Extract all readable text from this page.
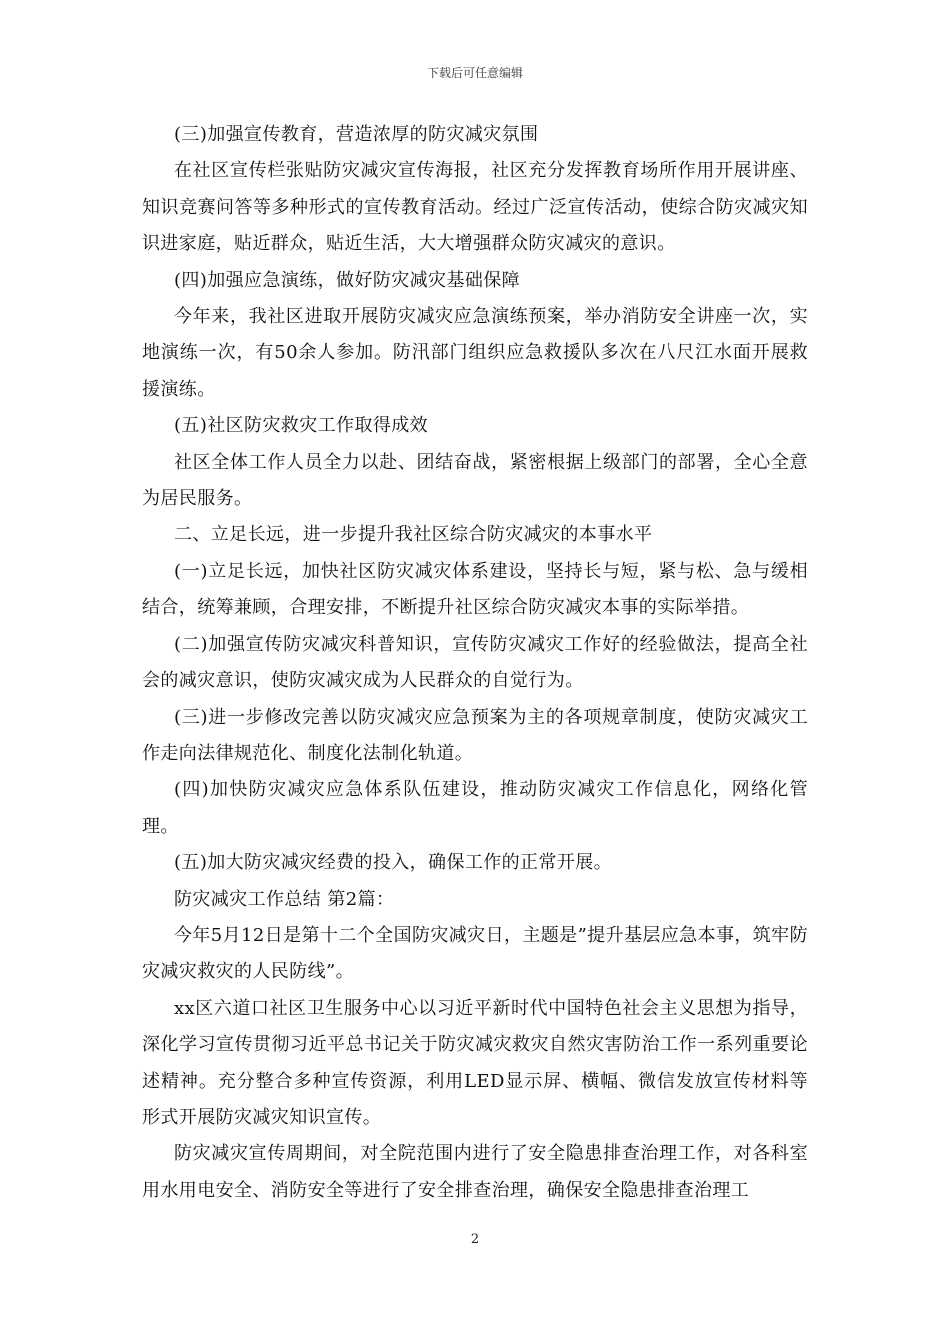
下载后可任意编辑

(三)加强宣传教育，营造浓厚的防灾减灾氛围

在社区宣传栏张贴防灾减灾宣传海报，社区充分发挥教育场所作用开展讲座、知识竞赛问答等多种形式的宣传教育活动。经过广泛宣传活动，使综合防灾减灾知识进家庭，贴近群众，贴近生活，大大增强群众防灾减灾的意识。

(四)加强应急演练，做好防灾减灾基础保障

今年来，我社区进取开展防灾减灾应急演练预案，举办消防安全讲座一次，实地演练一次，有50余人参加。防汛部门组织应急救援队多次在八尺江水面开展救援演练。

(五)社区防灾救灾工作取得成效

社区全体工作人员全力以赴、团结奋战，紧密根据上级部门的部署，全心全意为居民服务。

二、立足长远，进一步提升我社区综合防灾减灾的本事水平

(一)立足长远，加快社区防灾减灾体系建设，坚持长与短，紧与松、急与缓相结合，统筹兼顾，合理安排，不断提升社区综合防灾减灾本事的实际举措。

(二)加强宣传防灾减灾科普知识，宣传防灾减灾工作好的经验做法，提高全社会的减灾意识，使防灾减灾成为人民群众的自觉行为。

(三)进一步修改完善以防灾减灾应急预案为主的各项规章制度，使防灾减灾工作走向法律规范化、制度化法制化轨道。

(四)加快防灾减灾应急体系队伍建设，推动防灾减灾工作信息化，网络化管理。

(五)加大防灾减灾经费的投入，确保工作的正常开展。

防灾减灾工作总结 第2篇：

今年5月12日是第十二个全国防灾减灾日，主题是”提升基层应急本事，筑牢防灾减灾救灾的人民防线”。

xx区六道口社区卫生服务中心以习近平新时代中国特色社会主义思想为指导，深化学习宣传贯彻习近平总书记关于防灾减灾救灾自然灾害防治工作一系列重要论述精神。充分整合多种宣传资源，利用LED显示屏、横幅、微信发放宣传材料等形式开展防灾减灾知识宣传。

防灾减灾宣传周期间，对全院范围内进行了安全隐患排查治理工作，对各科室用水用电安全、消防安全等进行了安全排查治理，确保安全隐患排查治理工

2
